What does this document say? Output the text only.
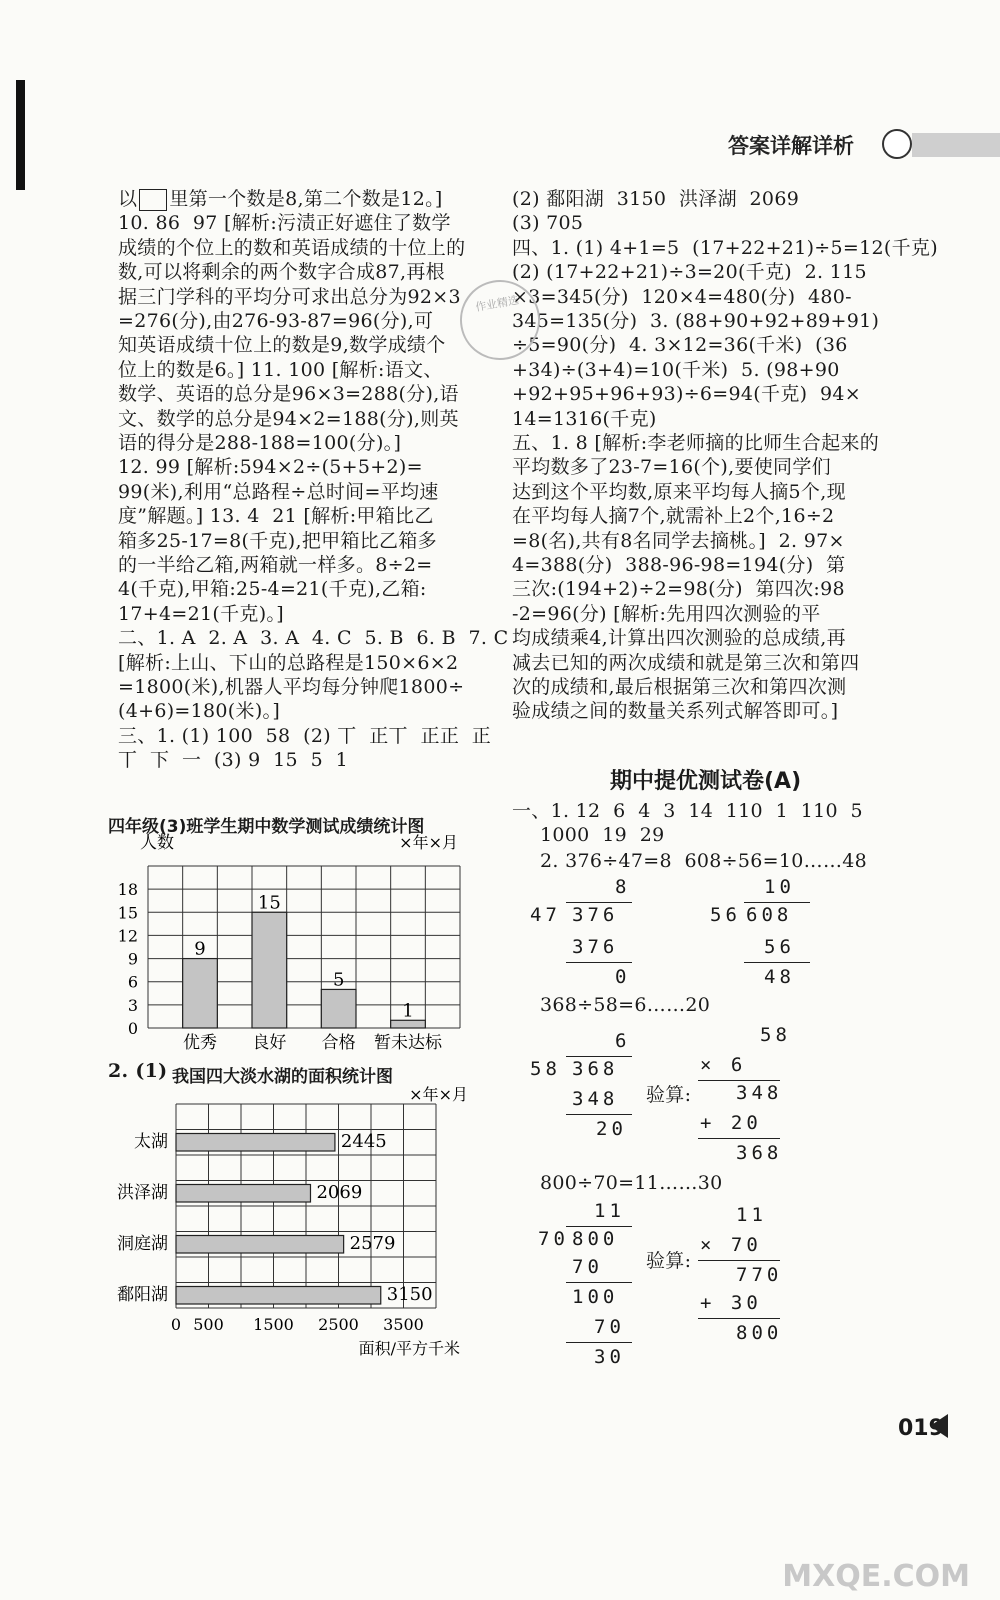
答案详解详析
以 里第一个数是8,第二个数是12。]
10. 86  97 [解析:污渍正好遮住了数学
成绩的个位上的数和英语成绩的十位上的
数,可以将剩余的两个数字合成87,再根
据三门学科的平均分可求出总分为92×3
=276(分),由276-93-87=96(分),可
知英语成绩十位上的数是9,数学成绩个
位上的数是6。] 11. 100 [解析:语文、
数学、英语的总分是96×3=288(分),语
文、数学的总分是94×2=188(分),则英
语的得分是288-188=100(分)。]
12. 99 [解析:594×2÷(5+5+2)=
99(米),利用“总路程÷总时间=平均速
度”解题。] 13. 4  21 [解析:甲箱比乙
箱多25-17=8(千克),把甲箱比乙箱多
的一半给乙箱,两箱就一样多。8÷2=
4(千克),甲箱:25-4=21(千克),乙箱:
17+4=21(千克)。]
二、1. A  2. A  3. A  4. C  5. B  6. B  7. C
[解析:上山、下山的总路程是150×6×2
=1800(米),机器人平均每分钟爬1800÷
(4+6)=180(米)。]
三、1. (1) 100  58  (2) 丅  正丅  正正  正
丅  下  一  (3) 9  15  5  1
四年级(3)班学生期中数学测试成绩统计图
0
3
6
9
12
15
18
人数	×年×月
9
优秀
15
良好
5
合格
1
暂未达标
2. (1) 我国四大淡水湖的面积统计图
×年×月
2445
太湖
2069
洪泽湖
2579
洞庭湖
3150
鄱阳湖
0 500 1500 2500 3500
面积/平方千米
(2) 鄱阳湖  3150  洪泽湖  2069
(3) 705
四、1. (1) 4+1=5  (17+22+21)÷5=12(千克)
(2) (17+22+21)÷3=20(千克)  2. 115
×3=345(分)  120×4=480(分)  480-
345=135(分)  3. (88+90+92+89+91)
÷5=90(分)  4. 3×12=36(千米)  (36
+34)÷(3+4)=10(千米)  5. (98+90
+92+95+96+93)÷6=94(千克)  94×
14=1316(千克)
五、1. 8 [解析:李老师摘的比师生合起来的
平均数多了23-7=16(个),要使同学们
达到这个平均数,原来平均每人摘5个,现
在平均每人摘7个,就需补上2个,16÷2
=8(名),共有8名同学去摘桃。]  2. 97×
4=388(分)  388-96-98=194(分)  第
三次:(194+2)÷2=98(分)  第四次:98
-2=96(分) [解析:先用四次测验的平
均成绩乘4,计算出四次测验的总成绩,再
减去已知的两次成绩和就是第三次和第四
次的成绩和,最后根据第三次和第四次测
验成绩之间的数量关系列式解答即可。]
期中提优测试卷(A)
一、1. 12  6  4  3  14  110  1  110  5
1000  19  29
2. 376÷47=8  608÷56=10……48
8
47 376
376
0
10
56 608
56
48
368÷58=6……20
6
58 368
348
20
验算:
58
× 6
348
+ 20
368
800÷70=11……30
11
70 800
70
100
70
30
验算:
11
× 70
770
+ 30
800
019
作业精选
MXQE.COM
